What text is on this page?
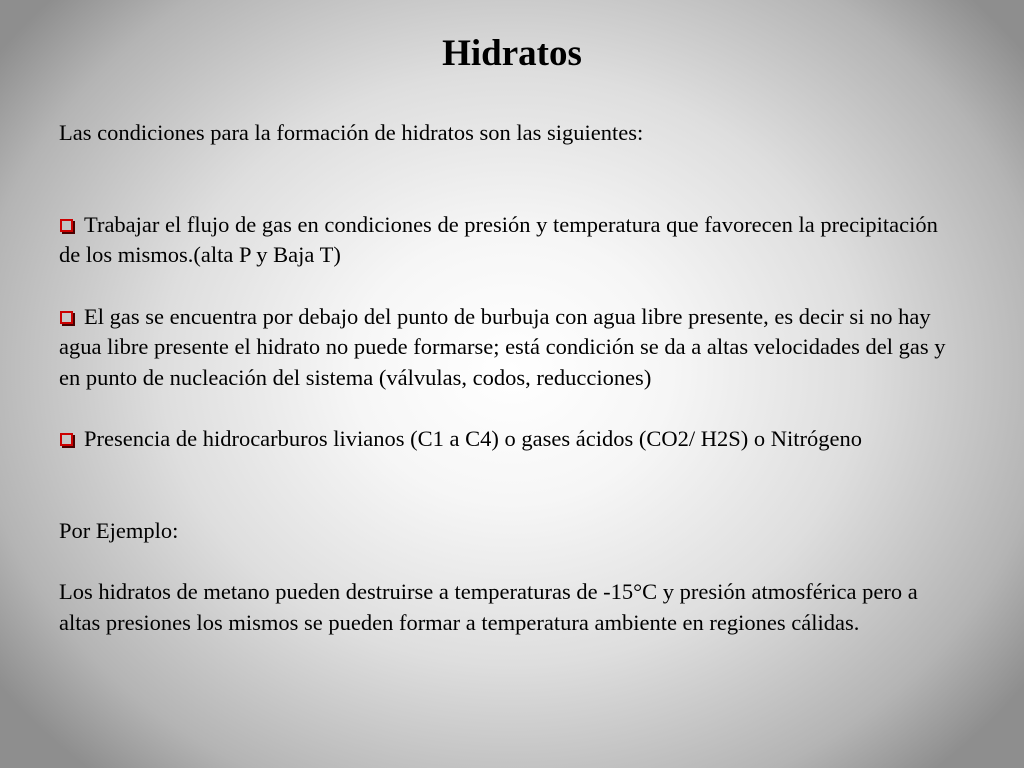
Hidratos

Las condiciones para la formación de hidratos son las siguientes:

Trabajar el flujo de gas en condiciones de presión y temperatura que favorecen la precipitación de los mismos.(alta P y Baja T)

El gas se encuentra por debajo del punto de burbuja con agua libre presente, es decir si no hay agua libre presente el hidrato no puede formarse; está condición se da a altas velocidades del gas y en punto de nucleación del sistema (válvulas, codos, reducciones)

Presencia de hidrocarburos livianos (C1 a C4) o gases ácidos (CO2/ H2S) o Nitrógeno

Por Ejemplo:

Los hidratos de metano pueden destruirse a temperaturas de -15°C y presión atmosférica pero a altas presiones los mismos se pueden formar a temperatura ambiente en regiones cálidas.
